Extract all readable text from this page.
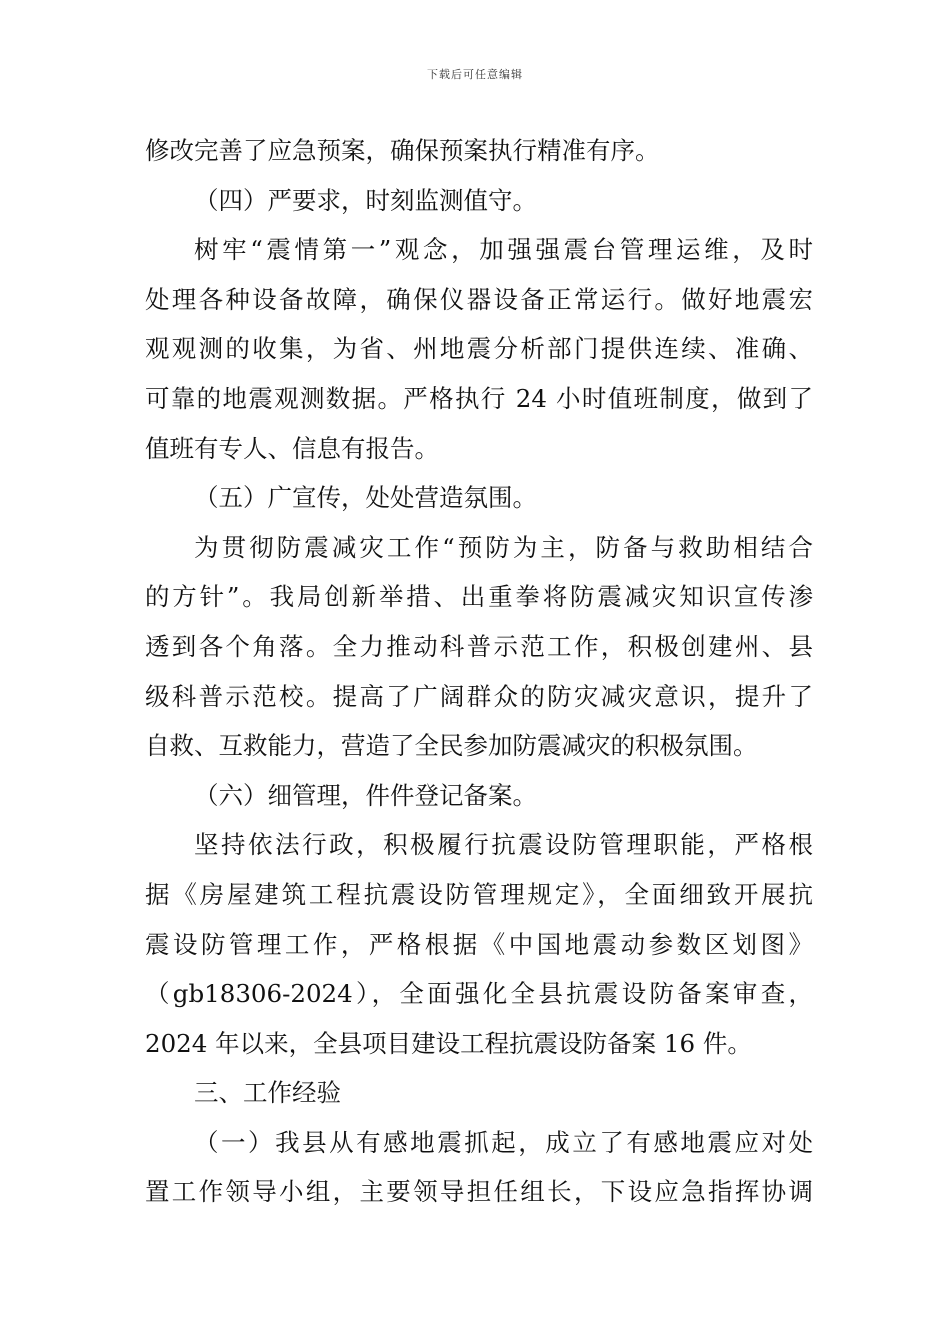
下载后可任意编辑
修改完善了应急预案，确保预案执行精准有序。
（四）严要求，时刻监测值守。
树牢“震情第一”观念，加强强震台管理运维，及时
处理各种设备故障，确保仪器设备正常运行。做好地震宏
观观测的收集，为省、州地震分析部门提供连续、准确、
可靠的地震观测数据。严格执行 24 小时值班制度，做到了
值班有专人、信息有报告。
（五）广宣传，处处营造氛围。
为贯彻防震减灾工作“预防为主，防备与救助相结合
的方针”。我局创新举措、出重拳将防震减灾知识宣传渗
透到各个角落。全力推动科普示范工作，积极创建州、县
级科普示范校。提高了广阔群众的防灾减灾意识，提升了
自救、互救能力，营造了全民参加防震减灾的积极氛围。
（六）细管理，件件登记备案。
坚持依法行政，积极履行抗震设防管理职能，严格根
据《房屋建筑工程抗震设防管理规定》，全面细致开展抗
震设防管理工作，严格根据《中国地震动参数区划图》
（gb18306-2024），全面强化全县抗震设防备案审查，
2024 年以来，全县项目建设工程抗震设防备案 16 件。
三、工作经验
（一）我县从有感地震抓起，成立了有感地震应对处
置工作领导小组，主要领导担任组长，下设应急指挥协调
